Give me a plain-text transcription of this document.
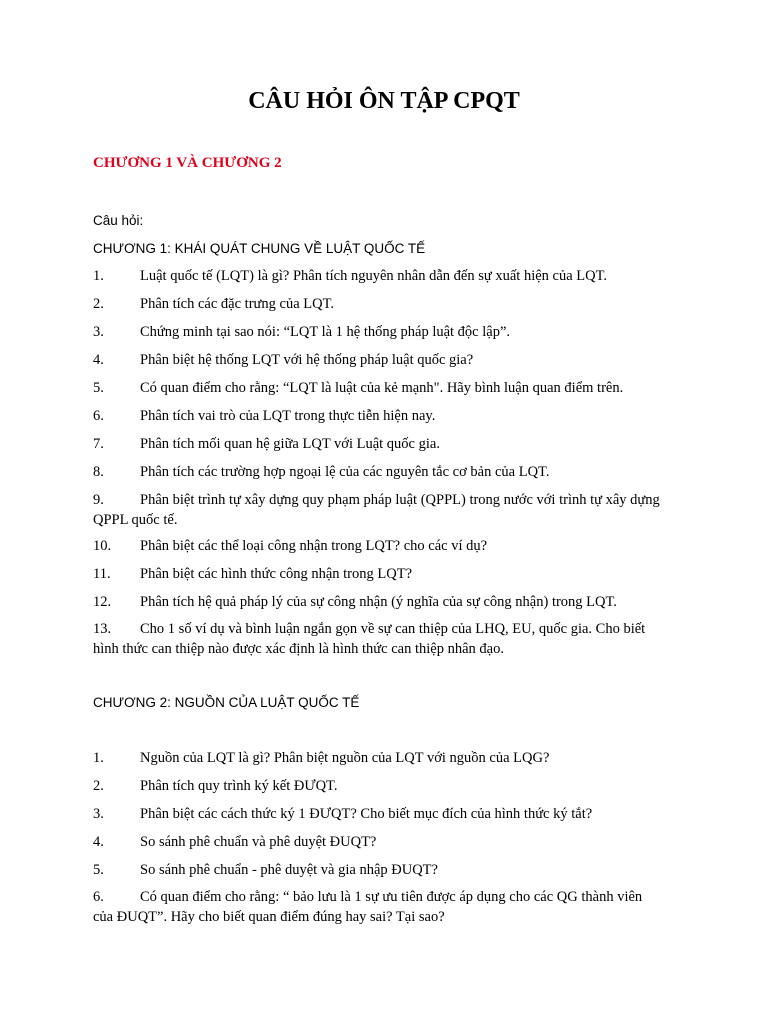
CÂU HỎI ÔN TẬP CPQT
CHƯƠNG 1 VÀ CHƯƠNG 2
Câu hỏi:
CHƯƠNG 1: KHÁI QUÁT CHUNG VỀ LUẬT QUỐC TẾ
1.	Luật quốc tế (LQT) là gì? Phân tích nguyên nhân dẫn đến sự xuất hiện của LQT.
2.	Phân tích các đặc trưng của LQT.
3.	Chứng minh tại sao nói: “LQT là 1 hệ thống pháp luật độc lập”.
4.	Phân biệt hệ thống LQT với hệ thống pháp luật quốc gia?
5.	Có quan điểm cho rằng: “LQT là luật của kẻ mạnh". Hãy bình luận quan điểm trên.
6.	Phân tích vai trò của LQT trong thực tiễn hiện nay.
7.	Phân tích mối quan hệ giữa LQT với Luật quốc gia.
8.	Phân tích các trường hợp ngoại lệ của các nguyên tắc cơ bản của LQT.
9.	Phân biệt trình tự xây dựng quy phạm pháp luật (QPPL) trong nước với trình tự xây dựng QPPL quốc tế.
10.	Phân biệt các thể loại công nhận trong LQT? cho các ví dụ?
11.	Phân biệt các hình thức công nhận trong LQT?
12.	Phân tích hệ quả pháp lý của sự công nhận (ý nghĩa của sự công nhận) trong LQT.
13.	Cho 1 số ví dụ và bình luận ngắn gọn về sự can thiệp của LHQ, EU, quốc gia. Cho biết hình thức can thiệp nào được xác định là hình thức can thiệp nhân đạo.
CHƯƠNG 2: NGUỒN CỦA LUẬT QUỐC TẾ
1.	Nguồn của LQT là gì? Phân biệt nguồn của LQT với nguồn của LQG?
2.	Phân tích quy trình ký kết ĐƯQT.
3.	Phân biệt các cách thức ký 1 ĐƯQT? Cho biết mục đích của hình thức ký tắt?
4.	So sánh phê chuẩn và phê duyệt ĐUQT?
5.	So sánh phê chuẩn - phê duyệt và gia nhập ĐUQT?
6.	Có quan điểm cho rằng: “ bảo lưu là 1 sự ưu tiên được áp dụng cho các QG thành viên của ĐUQT”. Hãy cho biết quan điểm đúng hay sai? Tại sao?
